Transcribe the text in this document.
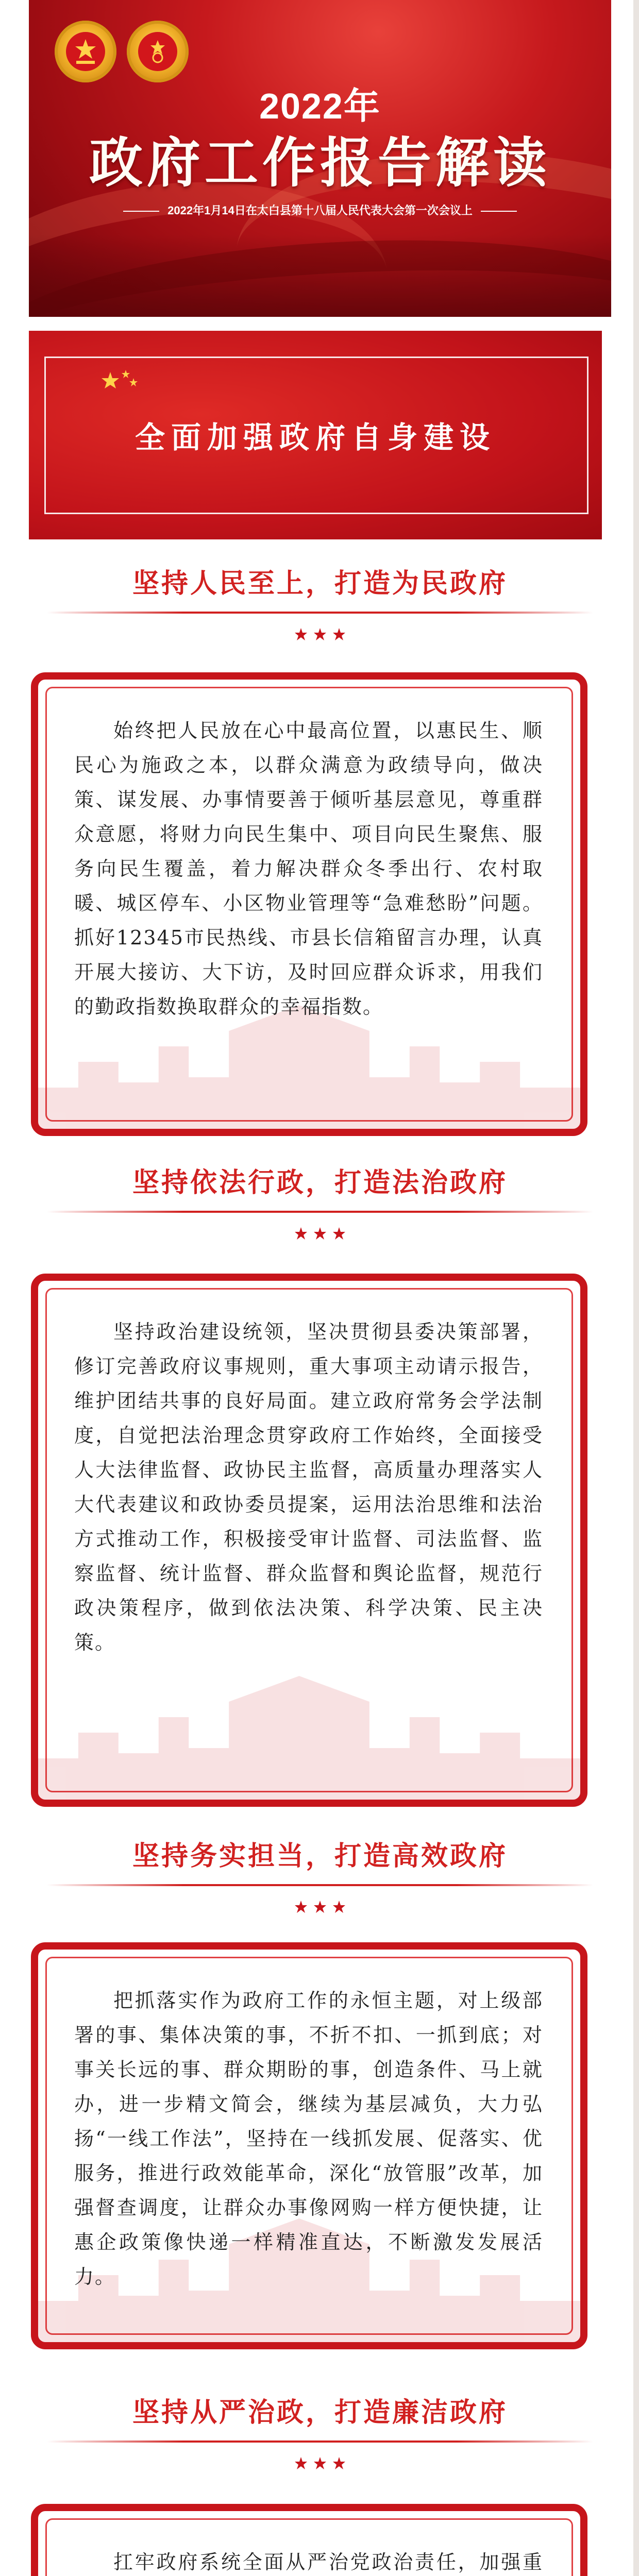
2022年
政府工作报告解读
2022年1月14日在太白县第十八届人民代表大会第一次会议上
全面加强政府自身建设
坚持人民至上，打造为民政府
始终把人民放在心中最高位置，以惠民生、顺民心为施政之本，以群众满意为政绩导向，做决策、谋发展、办事情要善于倾听基层意见，尊重群众意愿，将财力向民生集中、项目向民生聚焦、服务向民生覆盖，着力解决群众冬季出行、农村取暖、城区停车、小区物业管理等“急难愁盼”问题。抓好12345市民热线、市县长信箱留言办理，认真开展大接访、大下访，及时回应群众诉求，用我们的勤政指数换取群众的幸福指数。
坚持依法行政，打造法治政府
坚持政治建设统领，坚决贯彻县委决策部署，修订完善政府议事规则，重大事项主动请示报告，维护团结共事的良好局面。建立政府常务会学法制度，自觉把法治理念贯穿政府工作始终，全面接受人大法律监督、政协民主监督，高质量办理落实人大代表建议和政协委员提案，运用法治思维和法治方式推动工作，积极接受审计监督、司法监督、监察监督、统计监督、群众监督和舆论监督，规范行政决策程序，做到依法决策、科学决策、民主决策。
坚持务实担当，打造高效政府
把抓落实作为政府工作的永恒主题，对上级部署的事、集体决策的事，不折不扣、一抓到底；对事关长远的事、群众期盼的事，创造条件、马上就办，进一步精文简会，继续为基层减负，大力弘扬“一线工作法”，坚持在一线抓发展、促落实、优服务，推进行政效能革命，深化“放管服”改革，加强督查调度，让群众办事像网购一样方便快捷，让惠企政策像快递一样精准直达，不断激发发展活力。
坚持从严治政，打造廉洁政府
扛牢政府系统全面从严治党政治责任，加强重
